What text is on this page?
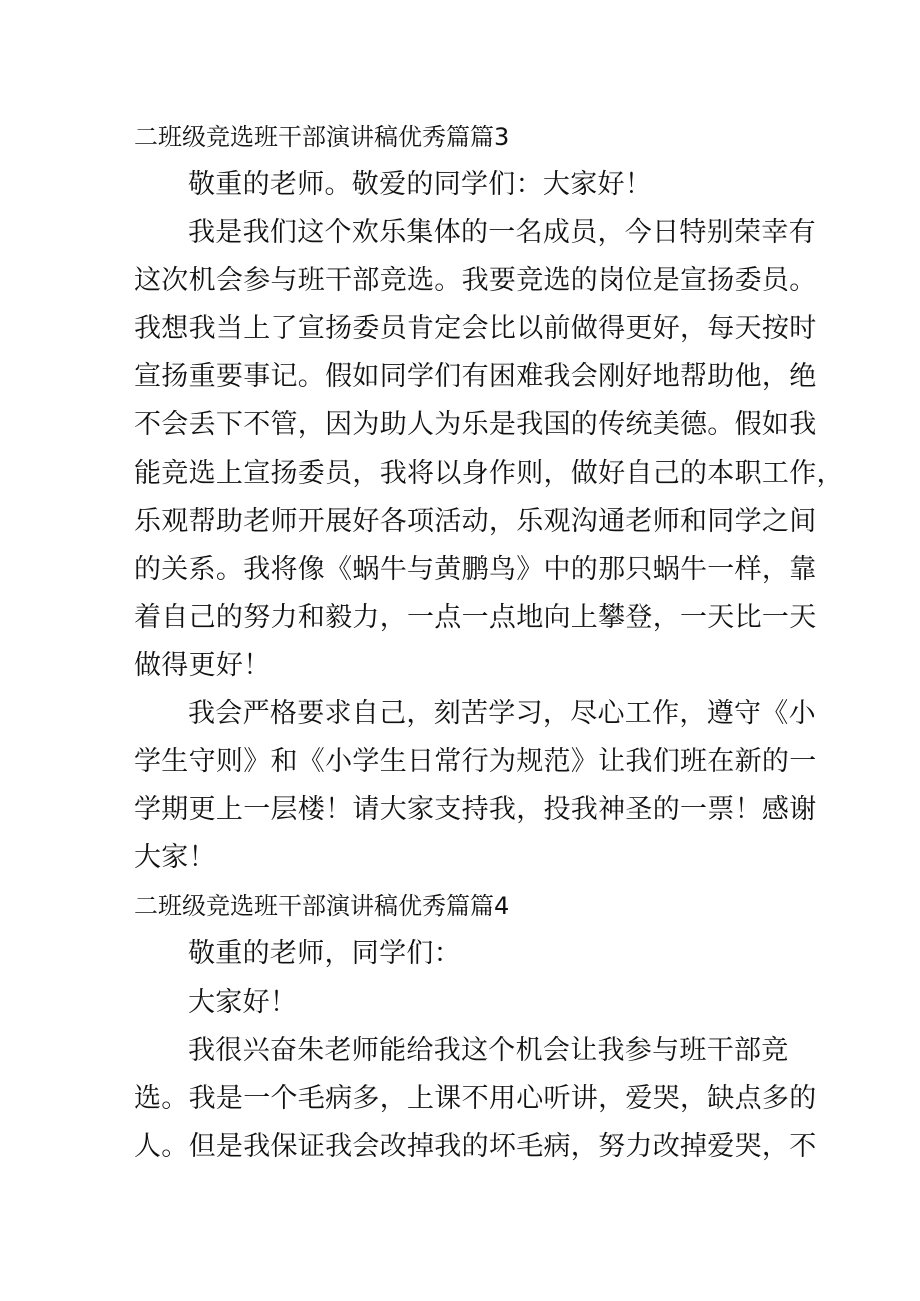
二班级竞选班干部演讲稿优秀篇篇3

敬重的老师。敬爱的同学们：大家好！

我是我们这个欢乐集体的一名成员，今日特别荣幸有
这次机会参与班干部竞选。我要竞选的岗位是宣扬委员。
我想我当上了宣扬委员肯定会比以前做得更好，每天按时
宣扬重要事记。假如同学们有困难我会刚好地帮助他，绝
不会丢下不管，因为助人为乐是我国的传统美德。假如我
能竞选上宣扬委员，我将以身作则，做好自己的本职工作，
乐观帮助老师开展好各项活动，乐观沟通老师和同学之间
的关系。我将像《蜗牛与黄鹏鸟》中的那只蜗牛一样，靠
着自己的努力和毅力，一点一点地向上攀登，一天比一天
做得更好！

我会严格要求自己，刻苦学习，尽心工作，遵守《小
学生守则》和《小学生日常行为规范》让我们班在新的一
学期更上一层楼！请大家支持我，投我神圣的一票！感谢
大家！

二班级竞选班干部演讲稿优秀篇篇4

敬重的老师，同学们：

大家好！

我很兴奋朱老师能给我这个机会让我参与班干部竞
选。我是一个毛病多，上课不用心听讲，爱哭，缺点多的
人。但是我保证我会改掉我的坏毛病，努力改掉爱哭，不
